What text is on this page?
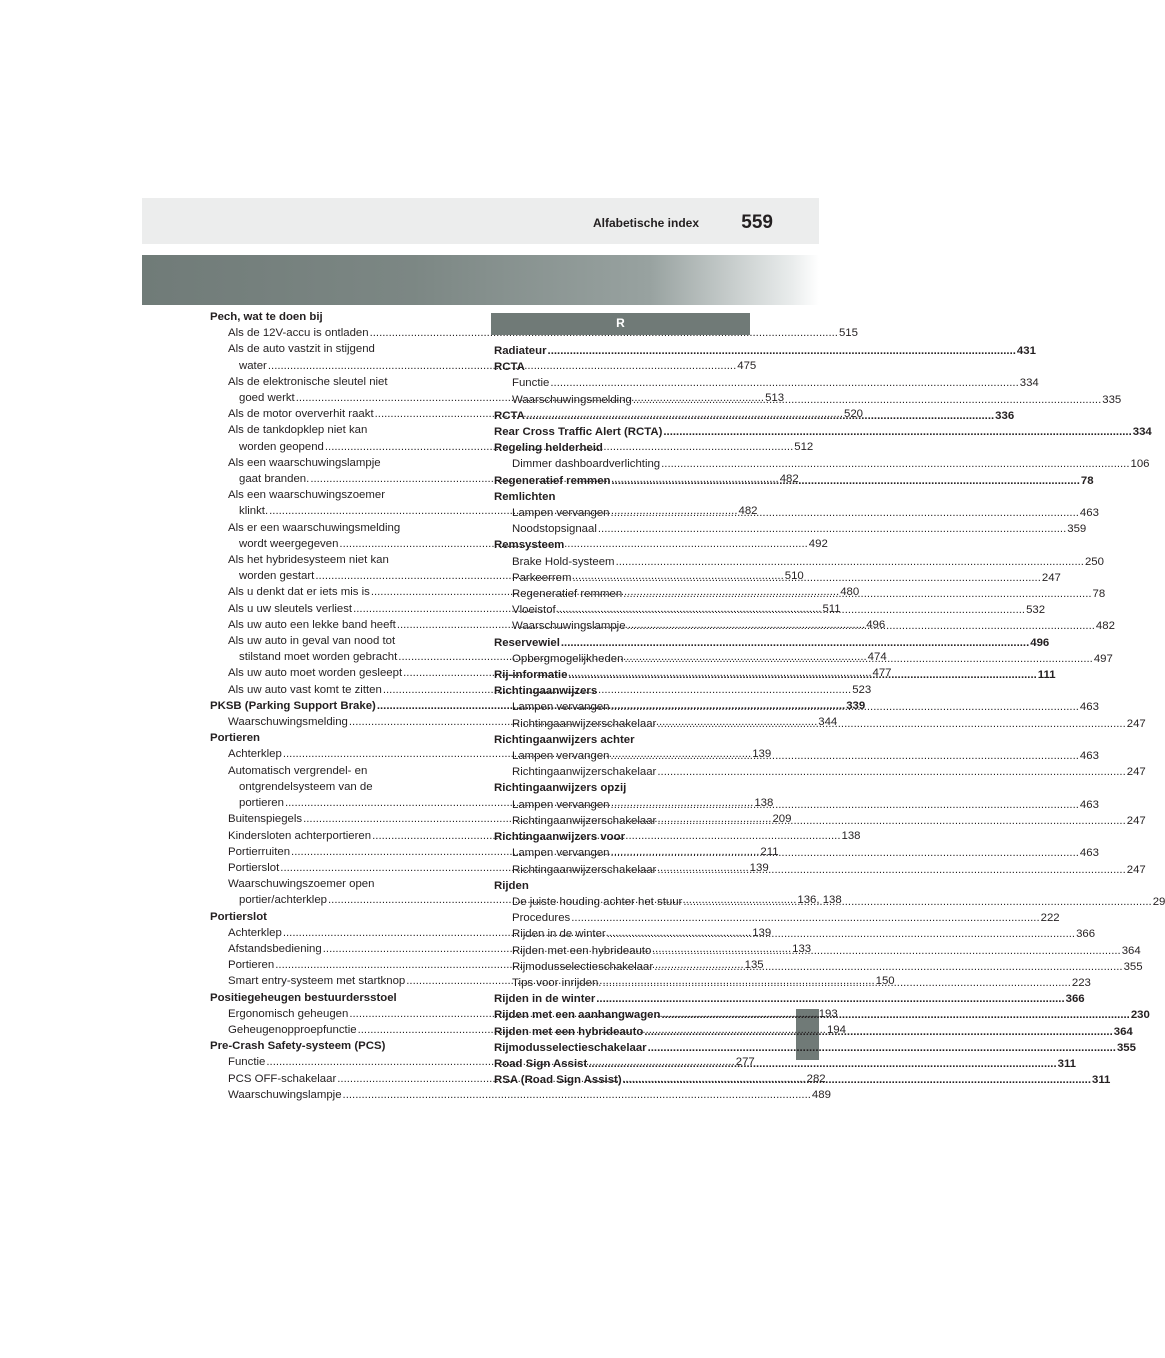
Alfabetische index 559
Pech, wat te doen bij
Als de 12V-accu is ontladen .....	515
Als de auto vastzit in stijgend
water .....	475
Als de elektronische sleutel niet
goed werkt .....	513
Als de motor oververhit raakt .....	520
Als de tankdopklep niet kan
worden geopend .....	512
Als een waarschuwingslampje
gaat branden. .....	482
Als een waarschuwingszoemer
klinkt. .....	482
Als er een waarschuwingsmelding
wordt weergegeven .....	492
Als het hybridesysteem niet kan
worden gestart .....	510
Als u denkt dat er iets mis is .....	480
Als u uw sleutels verliest .....	511
Als uw auto een lekke band heeft .....	496
Als uw auto in geval van nood tot
stilstand moet worden gebracht .....	474
Als uw auto moet worden gesleept .....	477
Als uw auto vast komt te zitten .....	523
PKSB (Parking Support Brake) .....	339
Waarschuwingsmelding .....	344
Portieren
Achterklep .....	139
Automatisch vergrendel- en
ontgrendelsysteem van de
portieren .....	138
Buitenspiegels .....	209
Kindersloten achterportieren .....	138
Portierruiten .....	211
Portierslot .....	139
Waarschuwingszoemer open
portier/achterklep .....	136, 138
Portierslot
Achterklep .....	139
Afstandsbediening .....	133
Portieren .....	135
Smart entry-systeem met startknop .....	150
Positiegeheugen bestuurdersstoel
Ergonomisch geheugen .....	193
Geheugenopproepfunctie .....	194
Pre-Crash Safety-systeem (PCS)
Functie .....	277
PCS OFF-schakelaar .....	282
Waarschuwingslampje .....	489
R
Radiateur .....	431
RCTA
Functie .....	334
Waarschuwingsmelding .....	335
RCTA .....	336
Rear Cross Traffic Alert (RCTA) .....	334
Regeling helderheid
Dimmer dashboardverlichting .....	106
Regeneratief remmen .....	78
Remlichten
Lampen vervangen .....	463
Noodstopsignaal .....	359
Remsysteem
Brake Hold-systeem .....	250
Parkeerrem .....	247
Regeneratief remmen .....	78
Vloeistof .....	532
Waarschuwingslampje .....	482
Reservewiel .....	496
Opbergmogelijkheden .....	497
Rij-informatie .....	111
Richtingaanwijzers
Lampen vervangen .....	463
Richtingaanwijzerschakelaar .....	247
Richtingaanwijzers achter
Lampen vervangen .....	463
Richtingaanwijzerschakelaar .....	247
Richtingaanwijzers opzij
Lampen vervangen .....	463
Richtingaanwijzerschakelaar .....	247
Richtingaanwijzers voor
Lampen vervangen .....	463
Richtingaanwijzerschakelaar .....	247
Rijden
De juiste houding achter het stuur .....	29
Procedures .....	222
Rijden in de winter .....	366
Rijden met een hybrideauto .....	364
Rijmodusselectieschakelaar .....	355
Tips voor inrijden. .....	223
Rijden in de winter .....	366
Rijden met een aanhangwagen .....	230
Rijden met een hybrideauto .....	364
Rijmodusselectieschakelaar .....	355
Road Sign Assist .....	311
RSA (Road Sign Assist) .....	311
